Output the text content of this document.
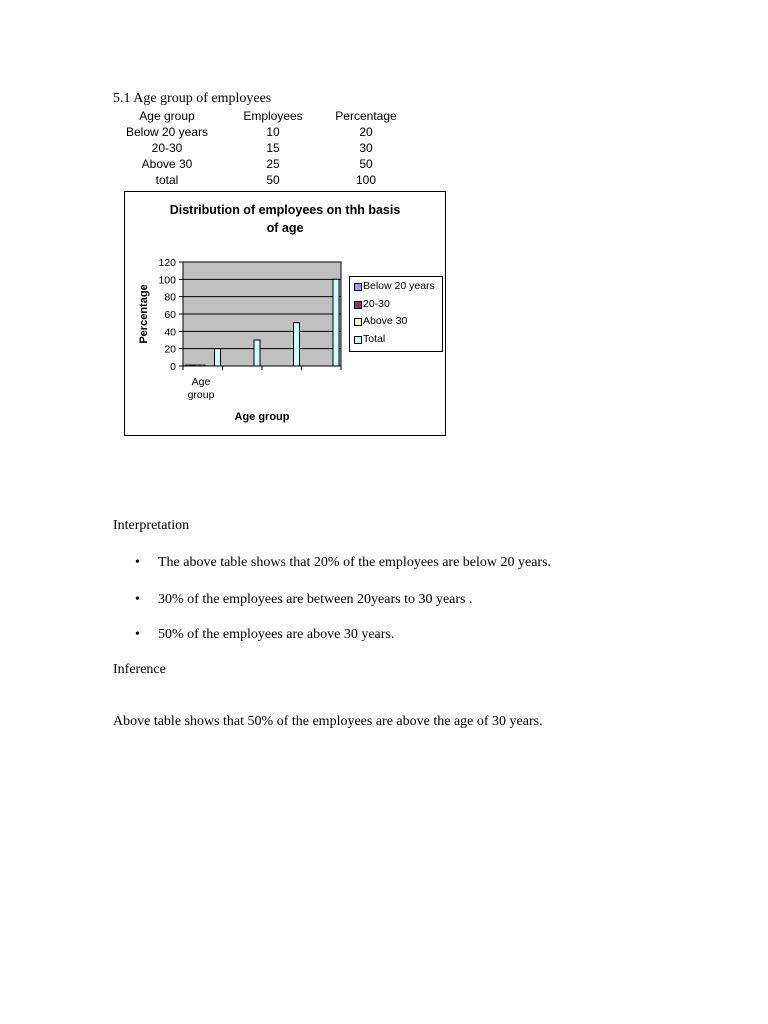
5.1 Age group of employees
Age group	Employees	Percentage
Below 20 years	10	20
20-30	15	30
Above 30	25	50
total	50	100
Distribution of employees on thh basis
of age
0
20
40
60
80
100
120
Age
group
Age group
Percentage	Below 20 years
20-30
Above 30
Total
Interpretation
• The above table shows that 20% of the employees are below 20 years.
• 30% of the employees are between 20years to 30 years .
• 50% of the employees are above 30 years.
Inference
Above table shows that 50% of the employees are above the age of 30 years.
